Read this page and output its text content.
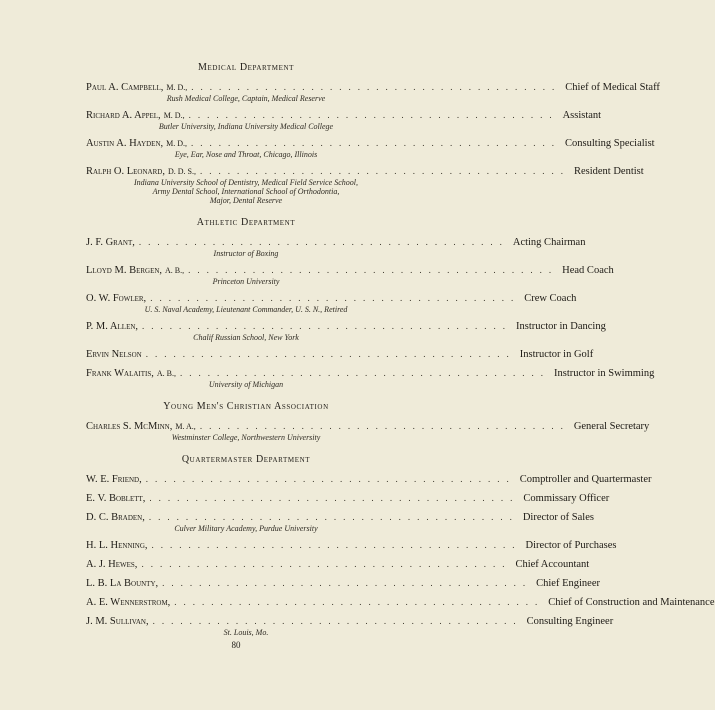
Medical Department
Paul A. Campbell, M. D., ........................................ Chief of Medical Staff
Rush Medical College, Captain, Medical Reserve
Richard A. Appel, M. D., ........................................ Assistant
Butler University, Indiana University Medical College
Austin A. Hayden, M. D., ........................................ Consulting Specialist
Eye, Ear, Nose and Throat, Chicago, Illinois
Ralph O. Leonard, D. D. S., ........................................ Resident Dentist
Indiana University School of Dentistry, Medical Field Service School,
Army Dental School, International School of Orthodontia,
Major, Dental Reserve
Athletic Department
J. F. Grant, ........................................ Acting Chairman
Instructor of Boxing
Lloyd M. Bergen, A. B., ........................................ Head Coach
Princeton University
O. W. Fowler, ........................................ Crew Coach
U. S. Naval Academy, Lieutenant Commander, U. S. N., Retired
P. M. Allen, ........................................ Instructor in Dancing
Chalif Russian School, New York
Ervin Nelson ........................................ Instructor in Golf
Frank Walaitis, A. B., ........................................ Instructor in Swimming
University of Michigan
Young Men's Christian Association
Charles S. McMinn, M. A., ........................................ General Secretary
Westminster College, Northwestern University
Quartermaster Department
W. E. Friend, ........................................ Comptroller and Quartermaster
E. V. Boblett, ........................................ Commissary Officer
D. C. Braden, ........................................ Director of Sales
Culver Military Academy, Purdue University
H. L. Henning, ........................................ Director of Purchases
A. J. Hewes, ........................................ Chief Accountant
L. B. La Bounty, ........................................ Chief Engineer
A. E. Wennerstrom, ........................................ Chief of Construction and Maintenance
J. M. Sullivan, ........................................ Consulting Engineer
St. Louis, Mo.
80
